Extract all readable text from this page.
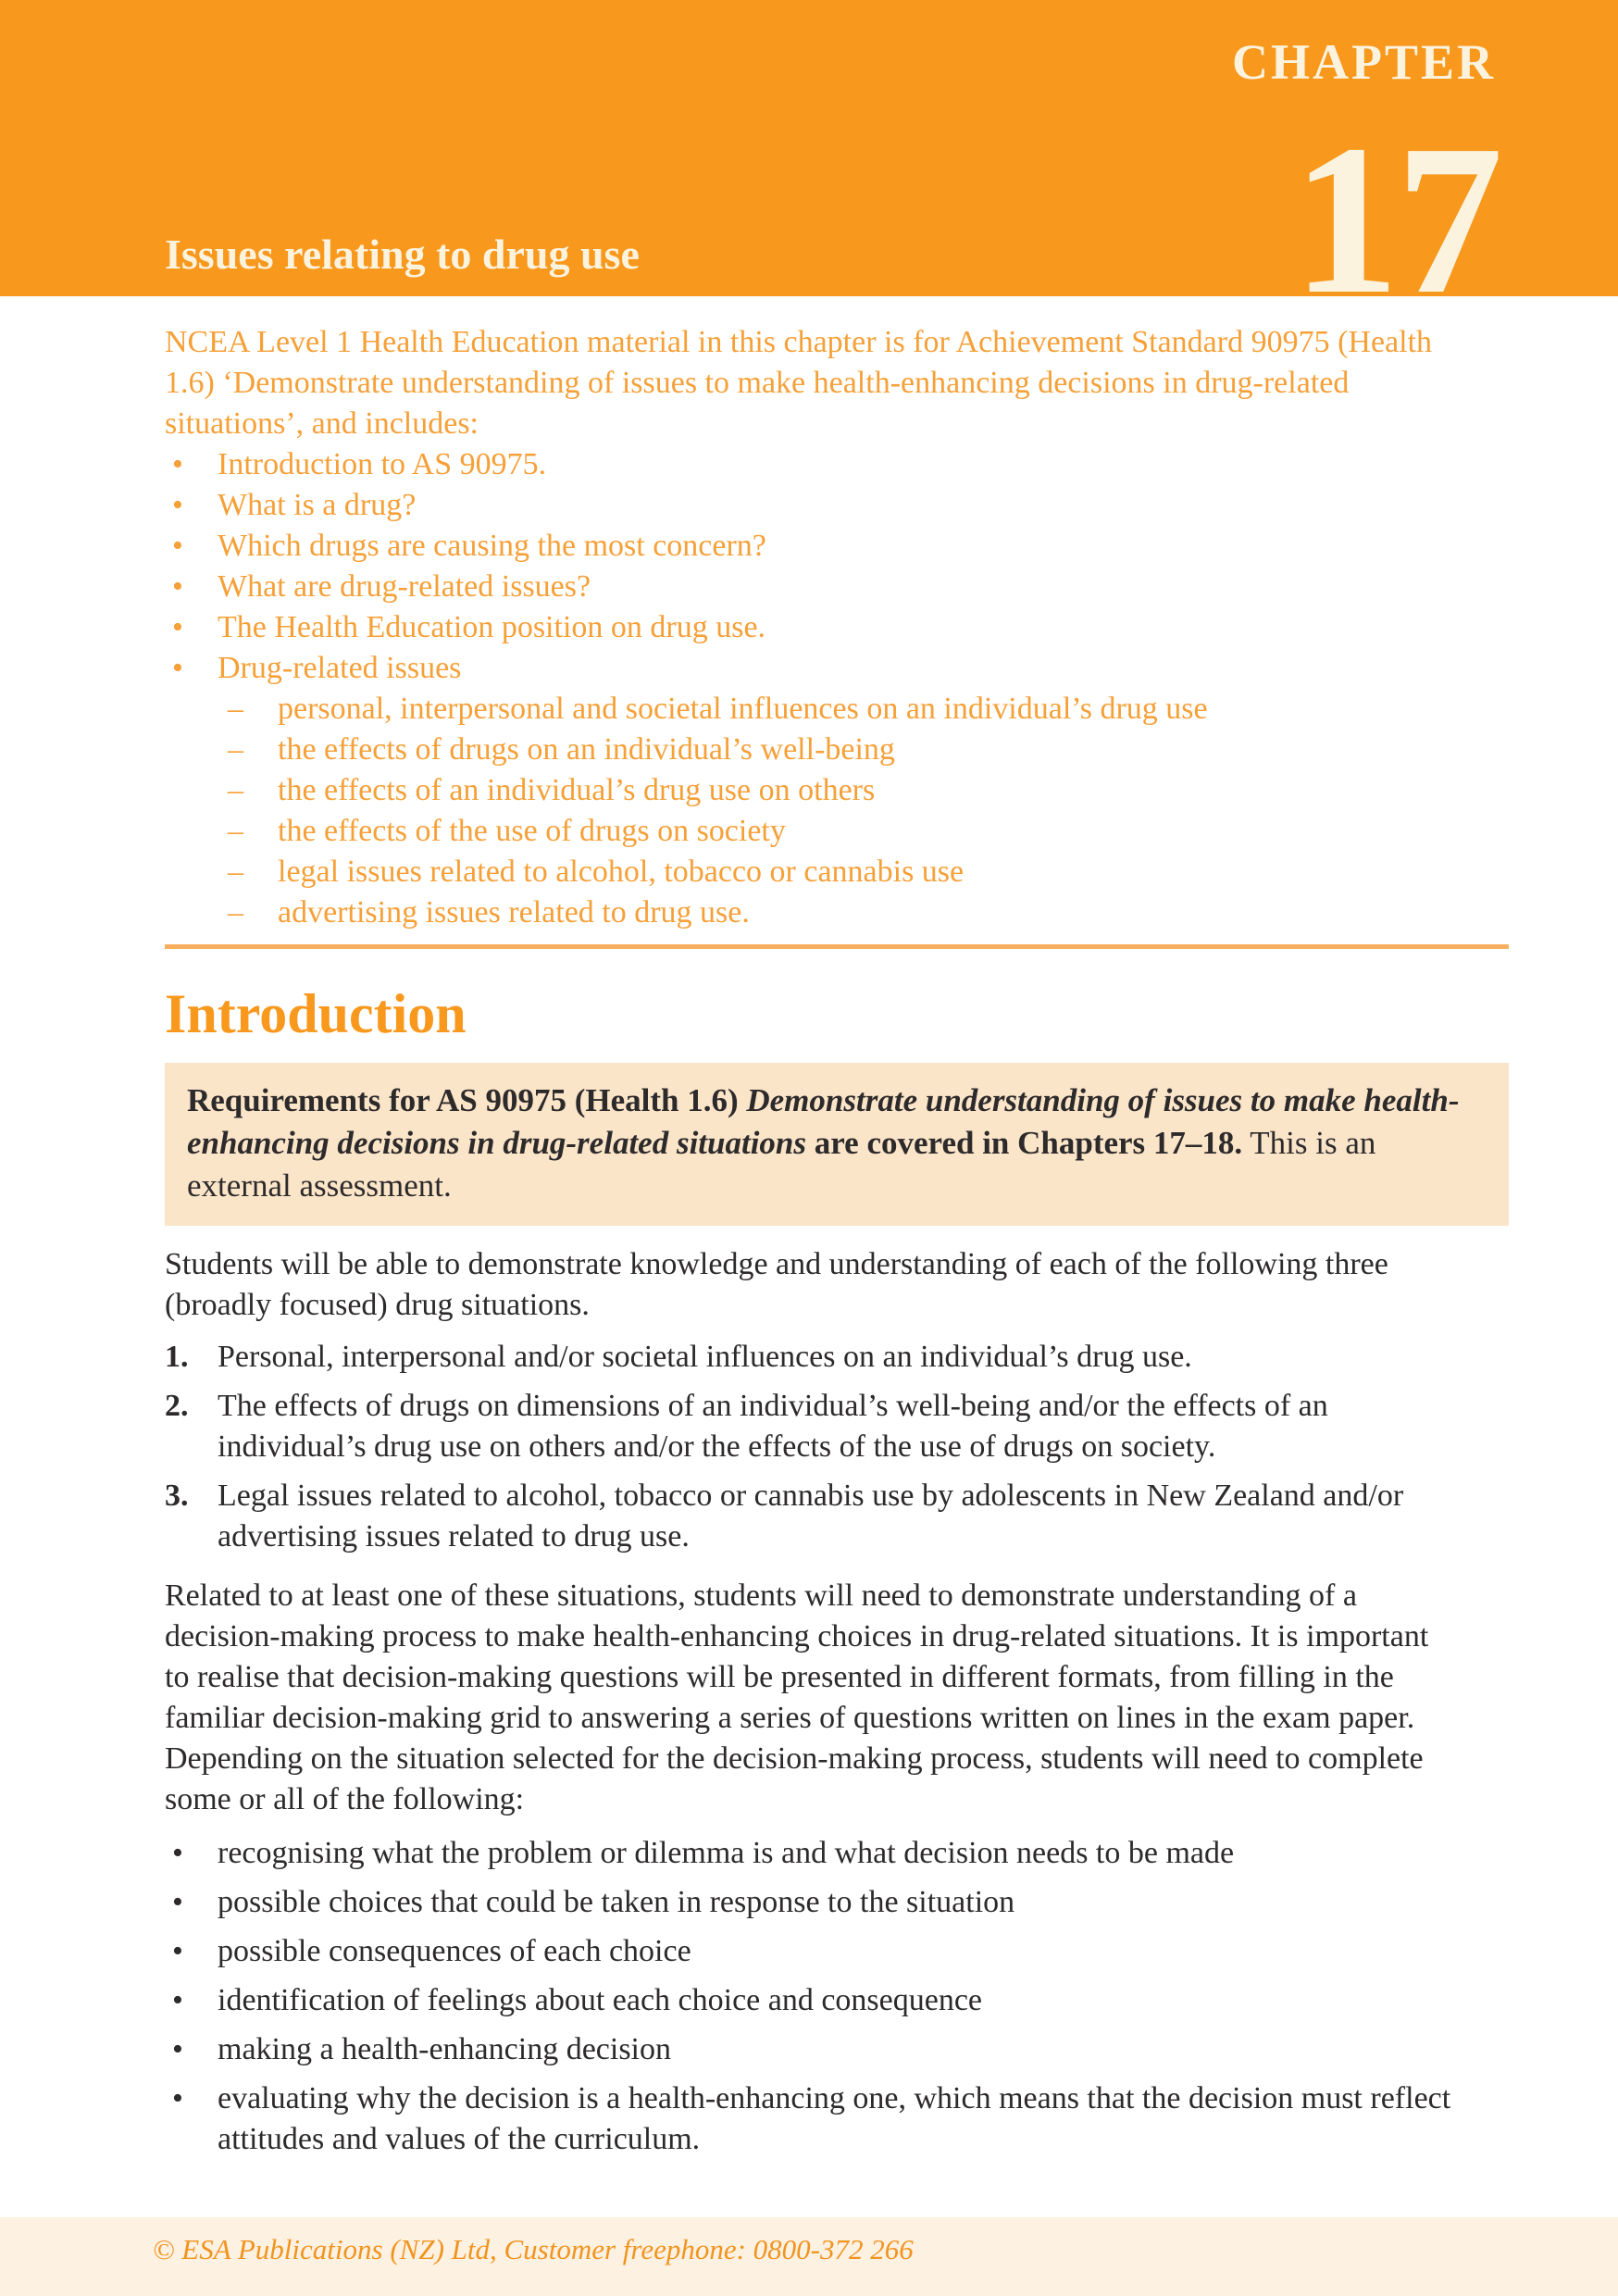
CHAPTER

17

Issues relating to drug use

NCEA Level 1 Health Education material in this chapter is for Achievement Standard 90975 (Health 1.6) ‘Demonstrate understanding of issues to make health-enhancing decisions in drug-related situations’, and includes:

•
Introduction to AS 90975.
•
What is a drug?
•
Which drugs are causing the most concern?
•
What are drug-related issues?
•
The Health Education position on drug use.
•
Drug-related issues
–
personal, interpersonal and societal influences on an individual’s drug use
–
the effects of drugs on an individual’s well-being
–
the effects of an individual’s drug use on others
–
the effects of the use of drugs on society
–
legal issues related to alcohol, tobacco or cannabis use
–
advertising issues related to drug use.
Introduction
Requirements for AS 90975 (Health 1.6) Demonstrate understanding of issues to make health-enhancing decisions in drug-related situations are covered in Chapters 17–18. This is an external assessment.

Students will be able to demonstrate knowledge and understanding of each of the following three (broadly focused) drug situations.

1. Personal, interpersonal and/or societal influences on an individual’s drug use.
2. The effects of drugs on dimensions of an individual’s well-being and/or the effects of an individual’s drug use on others and/or the effects of the use of drugs on society.
3. Legal issues related to alcohol, tobacco or cannabis use by adolescents in New Zealand and/or advertising issues related to drug use.

Related to at least one of these situations, students will need to demonstrate understanding of a decision-making process to make health-enhancing choices in drug-related situations. It is important to realise that decision-making questions will be presented in different formats, from filling in the familiar decision-making grid to answering a series of questions written on lines in the exam paper. Depending on the situation selected for the decision-making process, students will need to complete some or all of the following:

•
recognising what the problem or dilemma is and what decision needs to be made
•
possible choices that could be taken in response to the situation
•
possible consequences of each choice
•
identification of feelings about each choice and consequence
•
making a health-enhancing decision
•
evaluating why the decision is a health-enhancing one, which means that the decision must reflect attitudes and values of the curriculum.

© ESA Publications (NZ) Ltd, Customer freephone: 0800-372 266
